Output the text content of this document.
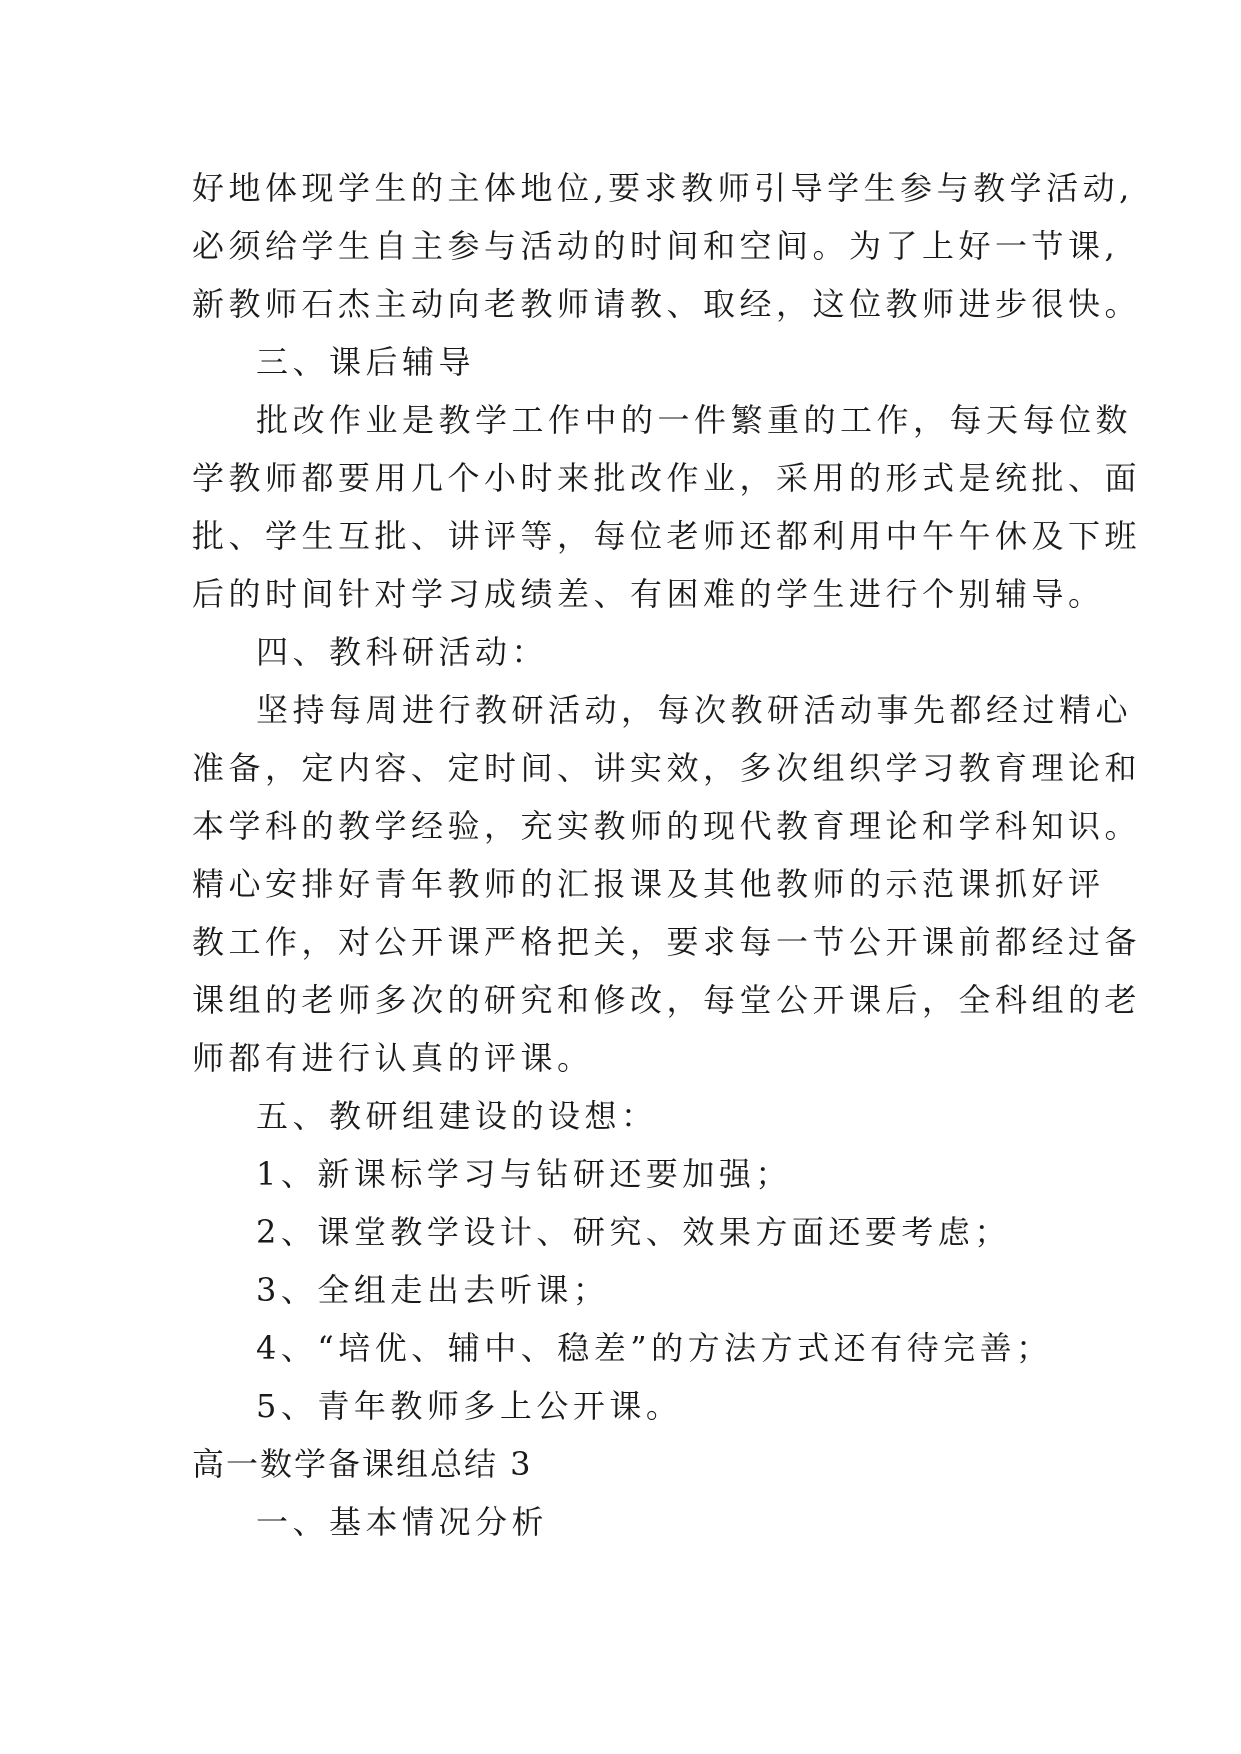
好地体现学生的主体地位,要求教师引导学生参与教学活动,
必须给学生自主参与活动的时间和空间。为了上好一节课,
新教师石杰主动向老教师请教、取经，这位教师进步很快。
三、课后辅导
批改作业是教学工作中的一件繁重的工作，每天每位数
学教师都要用几个小时来批改作业，采用的形式是统批、面
批、学生互批、讲评等，每位老师还都利用中午午休及下班
后的时间针对学习成绩差、有困难的学生进行个别辅导。
四、教科研活动：
坚持每周进行教研活动，每次教研活动事先都经过精心
准备，定内容、定时间、讲实效，多次组织学习教育理论和
本学科的教学经验，充实教师的现代教育理论和学科知识。
精心安排好青年教师的汇报课及其他教师的示范课抓好评
教工作，对公开课严格把关，要求每一节公开课前都经过备
课组的老师多次的研究和修改，每堂公开课后，全科组的老
师都有进行认真的评课。
五、教研组建设的设想：
1、新课标学习与钻研还要加强；
2、课堂教学设计、研究、效果方面还要考虑；
3、全组走出去听课；
4、“培优、辅中、稳差”的方法方式还有待完善；
5、青年教师多上公开课。
高一数学备课组总结 3
一、基本情况分析
